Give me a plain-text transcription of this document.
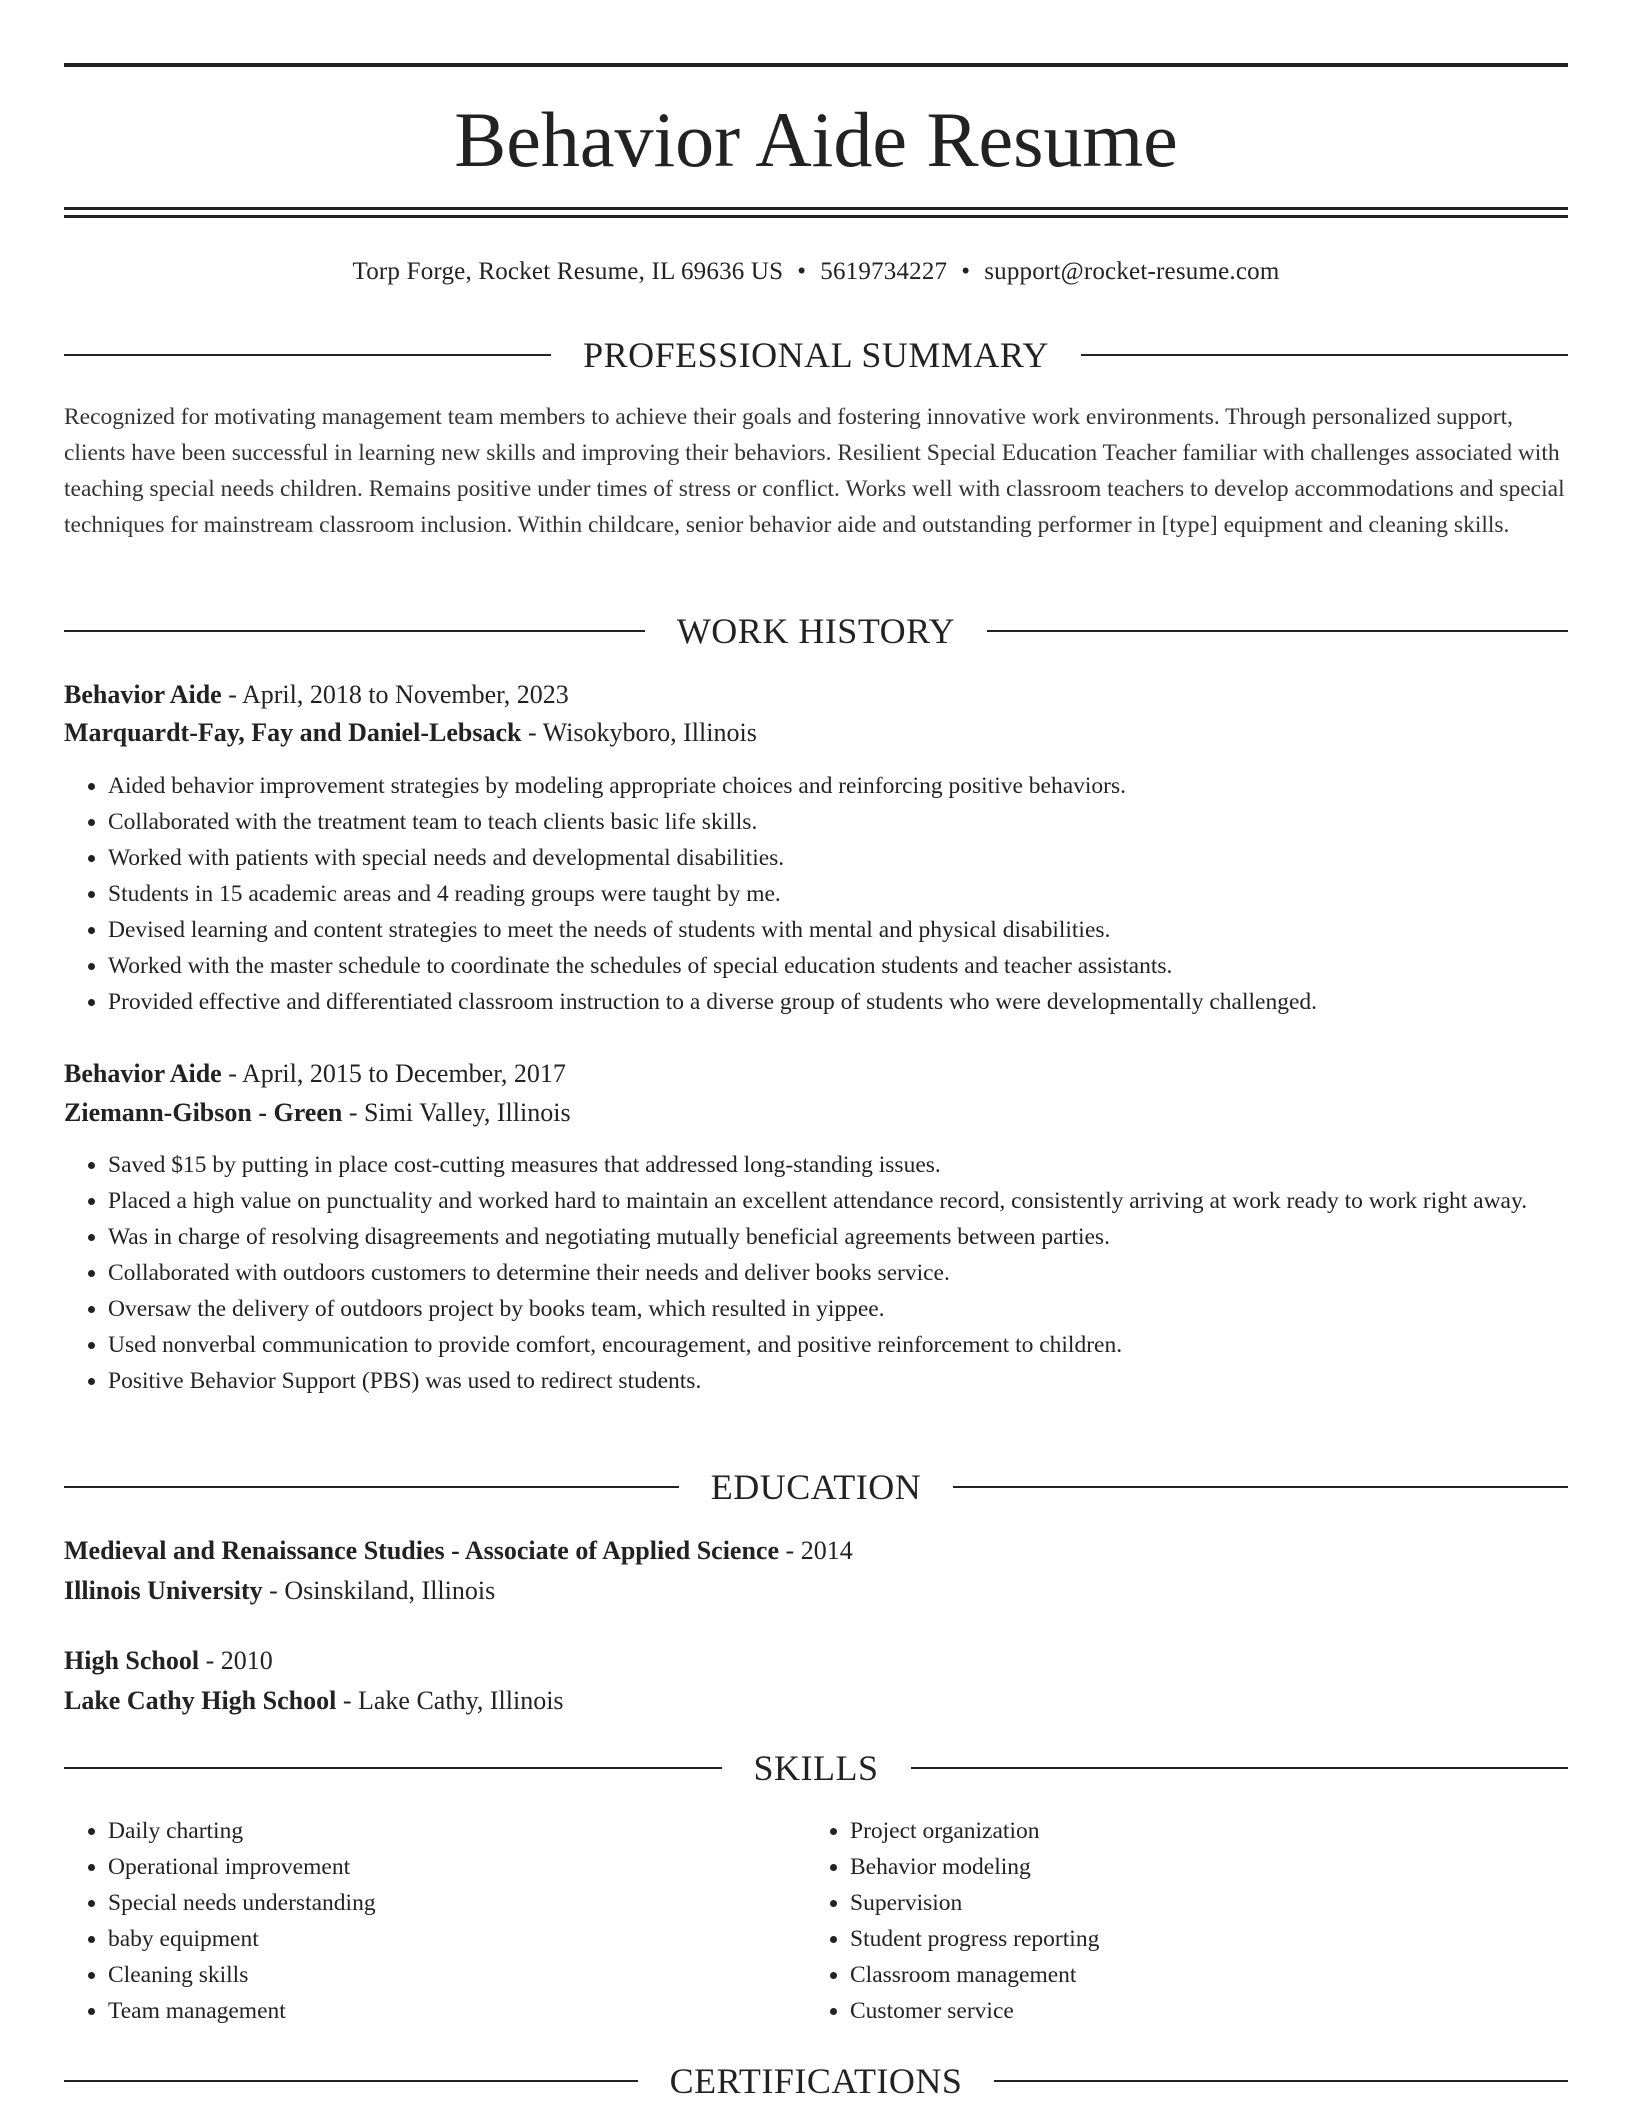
Behavior Aide Resume

Torp Forge, Rocket Resume, IL 69636 US • 5619734227 • support@rocket-resume.com

PROFESSIONAL SUMMARY

Recognized for motivating management team members to achieve their goals and fostering innovative work environments. Through personalized support, clients have been successful in learning new skills and improving their behaviors. Resilient Special Education Teacher familiar with challenges associated with teaching special needs children. Remains positive under times of stress or conflict. Works well with classroom teachers to develop accommodations and special techniques for mainstream classroom inclusion. Within childcare, senior behavior aide and outstanding performer in [type] equipment and cleaning skills.

WORK HISTORY

Behavior Aide - April, 2018 to November, 2023

Marquardt-Fay, Fay and Daniel-Lebsack - Wisokyboro, Illinois

• Aided behavior improvement strategies by modeling appropriate choices and reinforcing positive behaviors.
• Collaborated with the treatment team to teach clients basic life skills.
• Worked with patients with special needs and developmental disabilities.
• Students in 15 academic areas and 4 reading groups were taught by me.
• Devised learning and content strategies to meet the needs of students with mental and physical disabilities.
• Worked with the master schedule to coordinate the schedules of special education students and teacher assistants.
• Provided effective and differentiated classroom instruction to a diverse group of students who were developmentally challenged.

Behavior Aide - April, 2015 to December, 2017

Ziemann-Gibson - Green - Simi Valley, Illinois

• Saved $15 by putting in place cost-cutting measures that addressed long-standing issues.
• Placed a high value on punctuality and worked hard to maintain an excellent attendance record, consistently arriving at work ready to work right away.
• Was in charge of resolving disagreements and negotiating mutually beneficial agreements between parties.
• Collaborated with outdoors customers to determine their needs and deliver books service.
• Oversaw the delivery of outdoors project by books team, which resulted in yippee.
• Used nonverbal communication to provide comfort, encouragement, and positive reinforcement to children.
• Positive Behavior Support (PBS) was used to redirect students.
EDUCATION

Medieval and Renaissance Studies - Associate of Applied Science - 2014

Illinois University - Osinskiland, Illinois

High School - 2010

Lake Cathy High School - Lake Cathy, Illinois

SKILLS
• Daily charting
• Operational improvement
• Special needs understanding
• baby equipment
• Cleaning skills
• Team management
• Project organization
• Behavior modeling
• Supervision
• Student progress reporting
• Classroom management
• Customer service
CERTIFICATIONS
